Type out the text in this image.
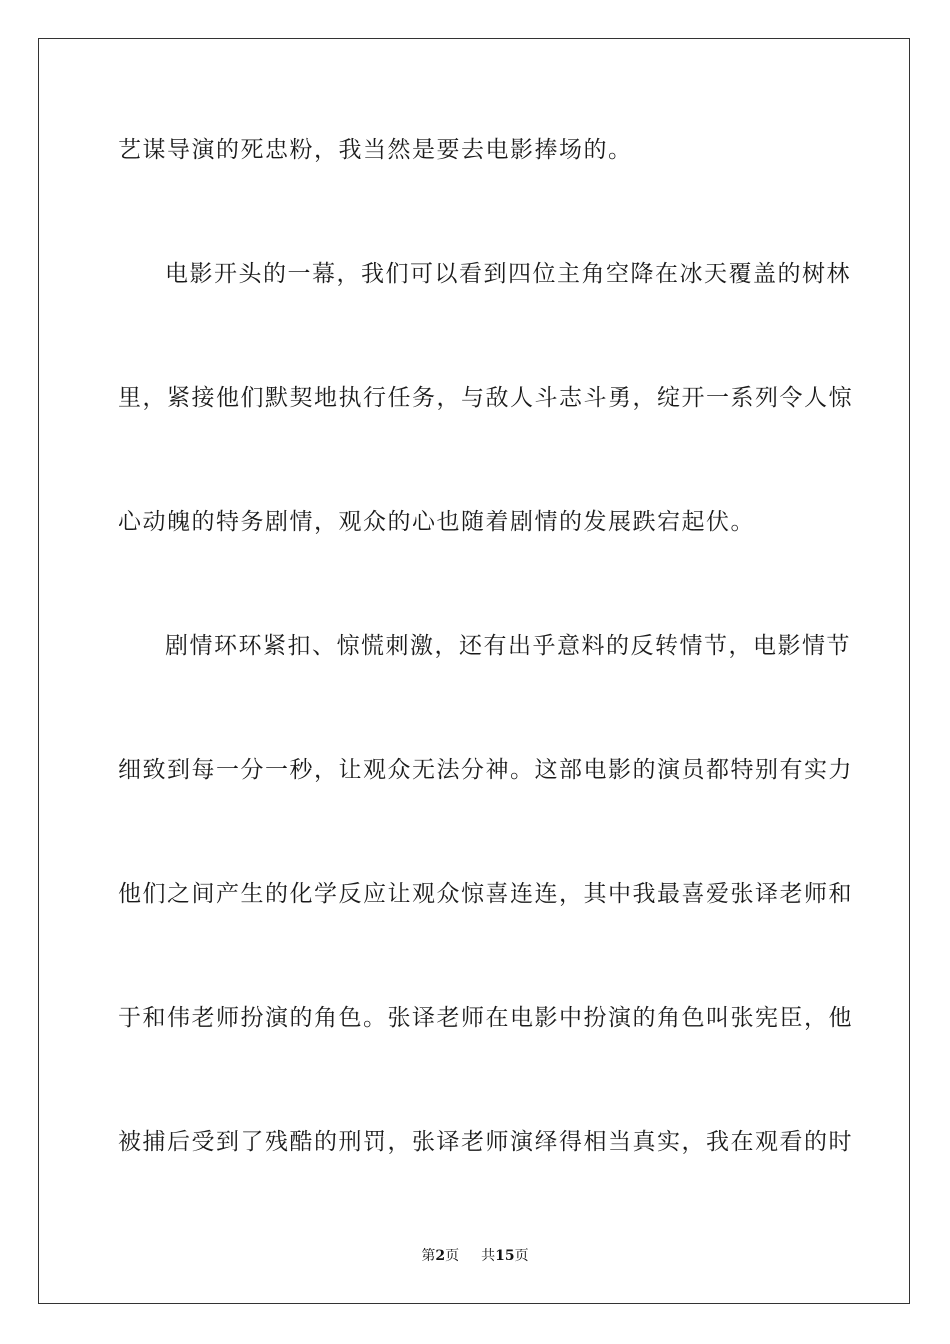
艺谋导演的死忠粉，我当然是要去电影捧场的。
电影开头的一幕，我们可以看到四位主角空降在冰天覆盖的树林
里，紧接他们默契地执行任务，与敌人斗志斗勇，绽开一系列令人惊
心动魄的特务剧情，观众的心也随着剧情的发展跌宕起伏。
剧情环环紧扣、惊慌刺激，还有出乎意料的反转情节，电影情节
细致到每一分一秒，让观众无法分神。这部电影的演员都特别有实力
他们之间产生的化学反应让观众惊喜连连，其中我最喜爱张译老师和
于和伟老师扮演的角色。张译老师在电影中扮演的角色叫张宪臣，他
被捕后受到了残酷的刑罚，张译老师演绎得相当真实，我在观看的时
第2页 共15页
